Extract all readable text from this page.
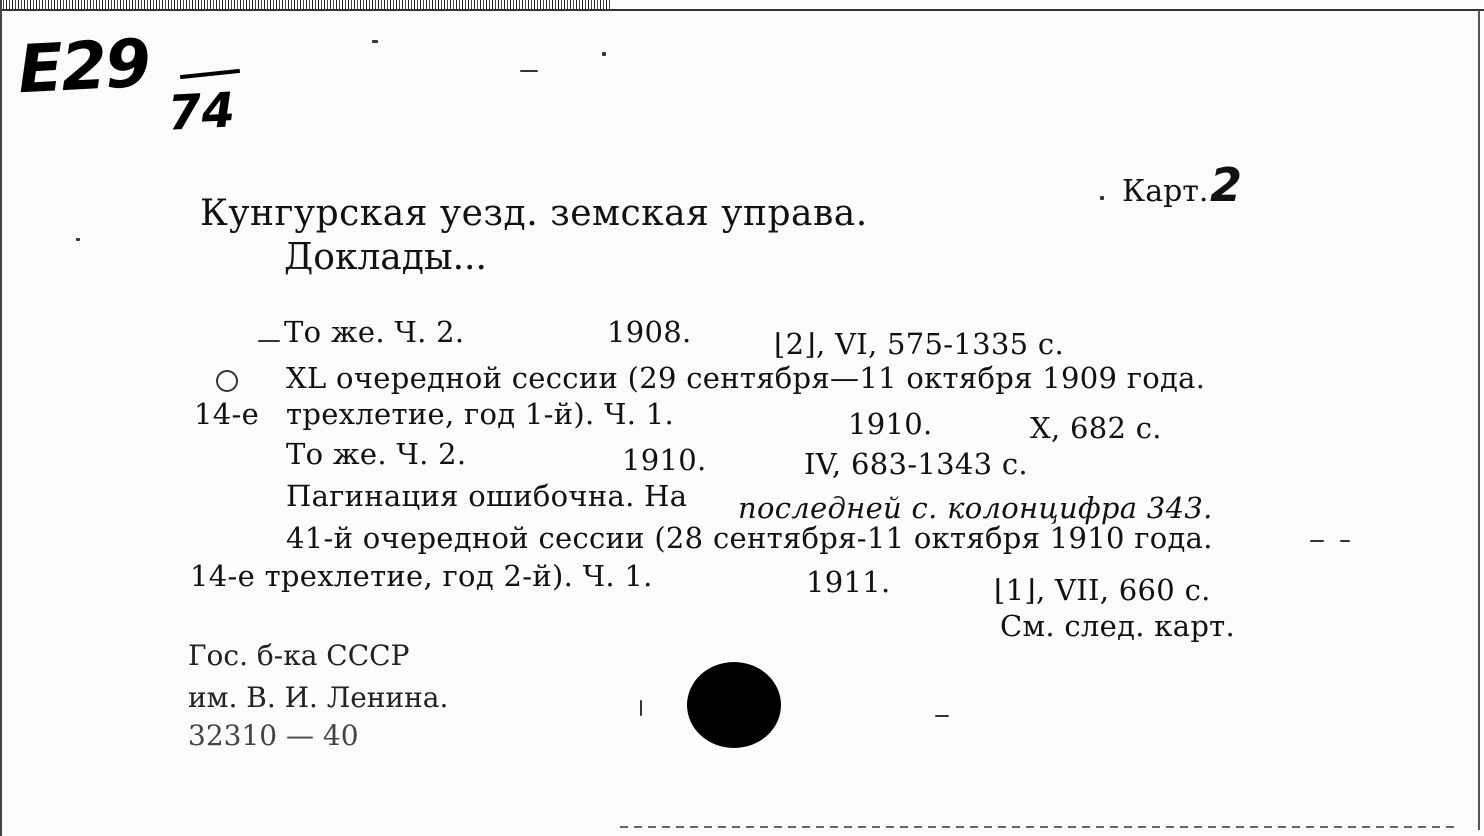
E29
74
Карт. 2
Кунгурская уезд. земская управа.
Доклады...
То же. Ч. 2.	1908.	⌊2⌋, VI, 575-1335 с.
XL очередной сессии (29 сентября—11 октября 1909 года.
14-е трехлетие, год 1-й). Ч. 1.	1910.	X, 682 с.
То же. Ч. 2.	1910.	IV, 683-1343 с.
Пагинация ошибочна. На последней с. колонцифра 343.
41-й очередной сессии (28 сентября-11 октября 1910 года.
14-е трехлетие, год 2-й). Ч. 1.	1911.	⌊1⌋, VII, 660 с.
См. след. карт.
Гос. б-ка СССР
им. В. И. Ленина.
32310 — 40
